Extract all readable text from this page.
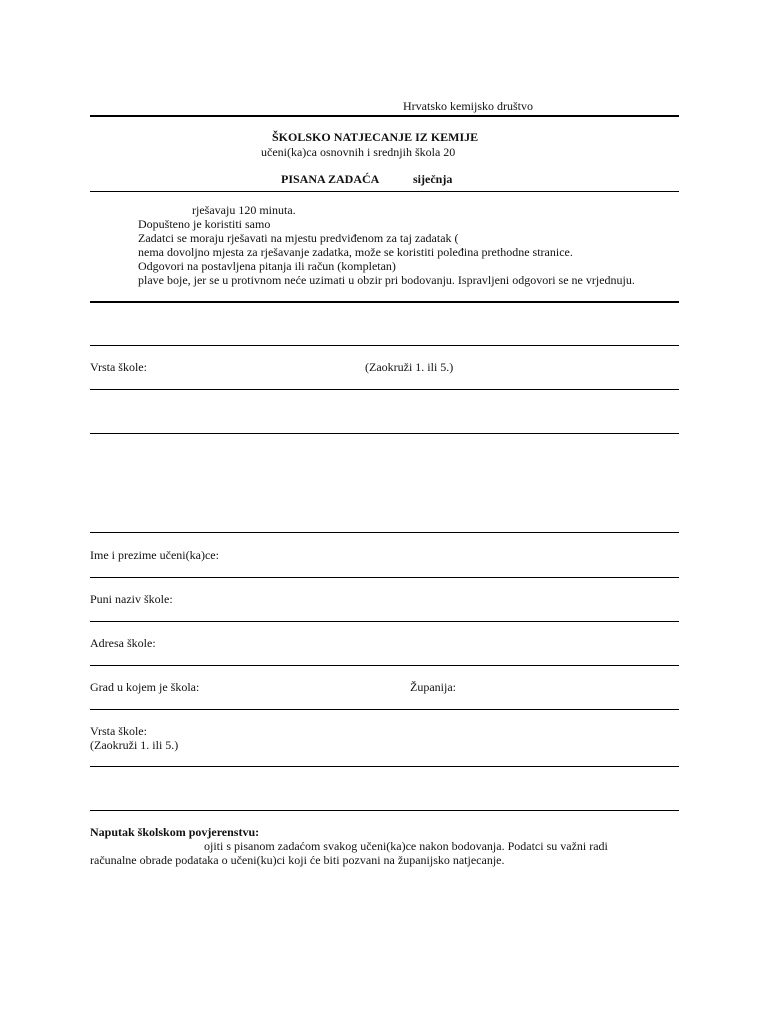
Hrvatsko kemijsko društvo
ŠKOLSKO NATJECANJE IZ KEMIJE
učeni(ka)ca osnovnih i srednjih škola 20
PISANA ZADAĆA	siječnja
rješavaju 120 minuta.
Dopušteno je koristiti samo
Zadatci se moraju rješavati na mjestu predviđenom za taj zadatak (
nema dovoljno mjesta za rješavanje zadatka, može se koristiti poleđina prethodne stranice.
Odgovori na postavljena pitanja ili račun (kompletan)
plave boje, jer se u protivnom neće uzimati u obzir pri bodovanju. Ispravljeni odgovori se ne vrjednuju.
Vrsta škole:	(Zaokruži 1. ili 5.)
Ime i prezime učeni(ka)ce:
Puni naziv škole:
Adresa škole:
Grad u kojem je škola:	Županija:
Vrsta škole:
(Zaokruži 1. ili 5.)
Naputak školskom povjerenstvu:
ojiti s pisanom zadaćom svakog učeni(ka)ce nakon bodovanja. Podatci su važni radi
računalne obrade podataka o učeni(ku)ci koji će biti pozvani na županijsko natjecanje.
